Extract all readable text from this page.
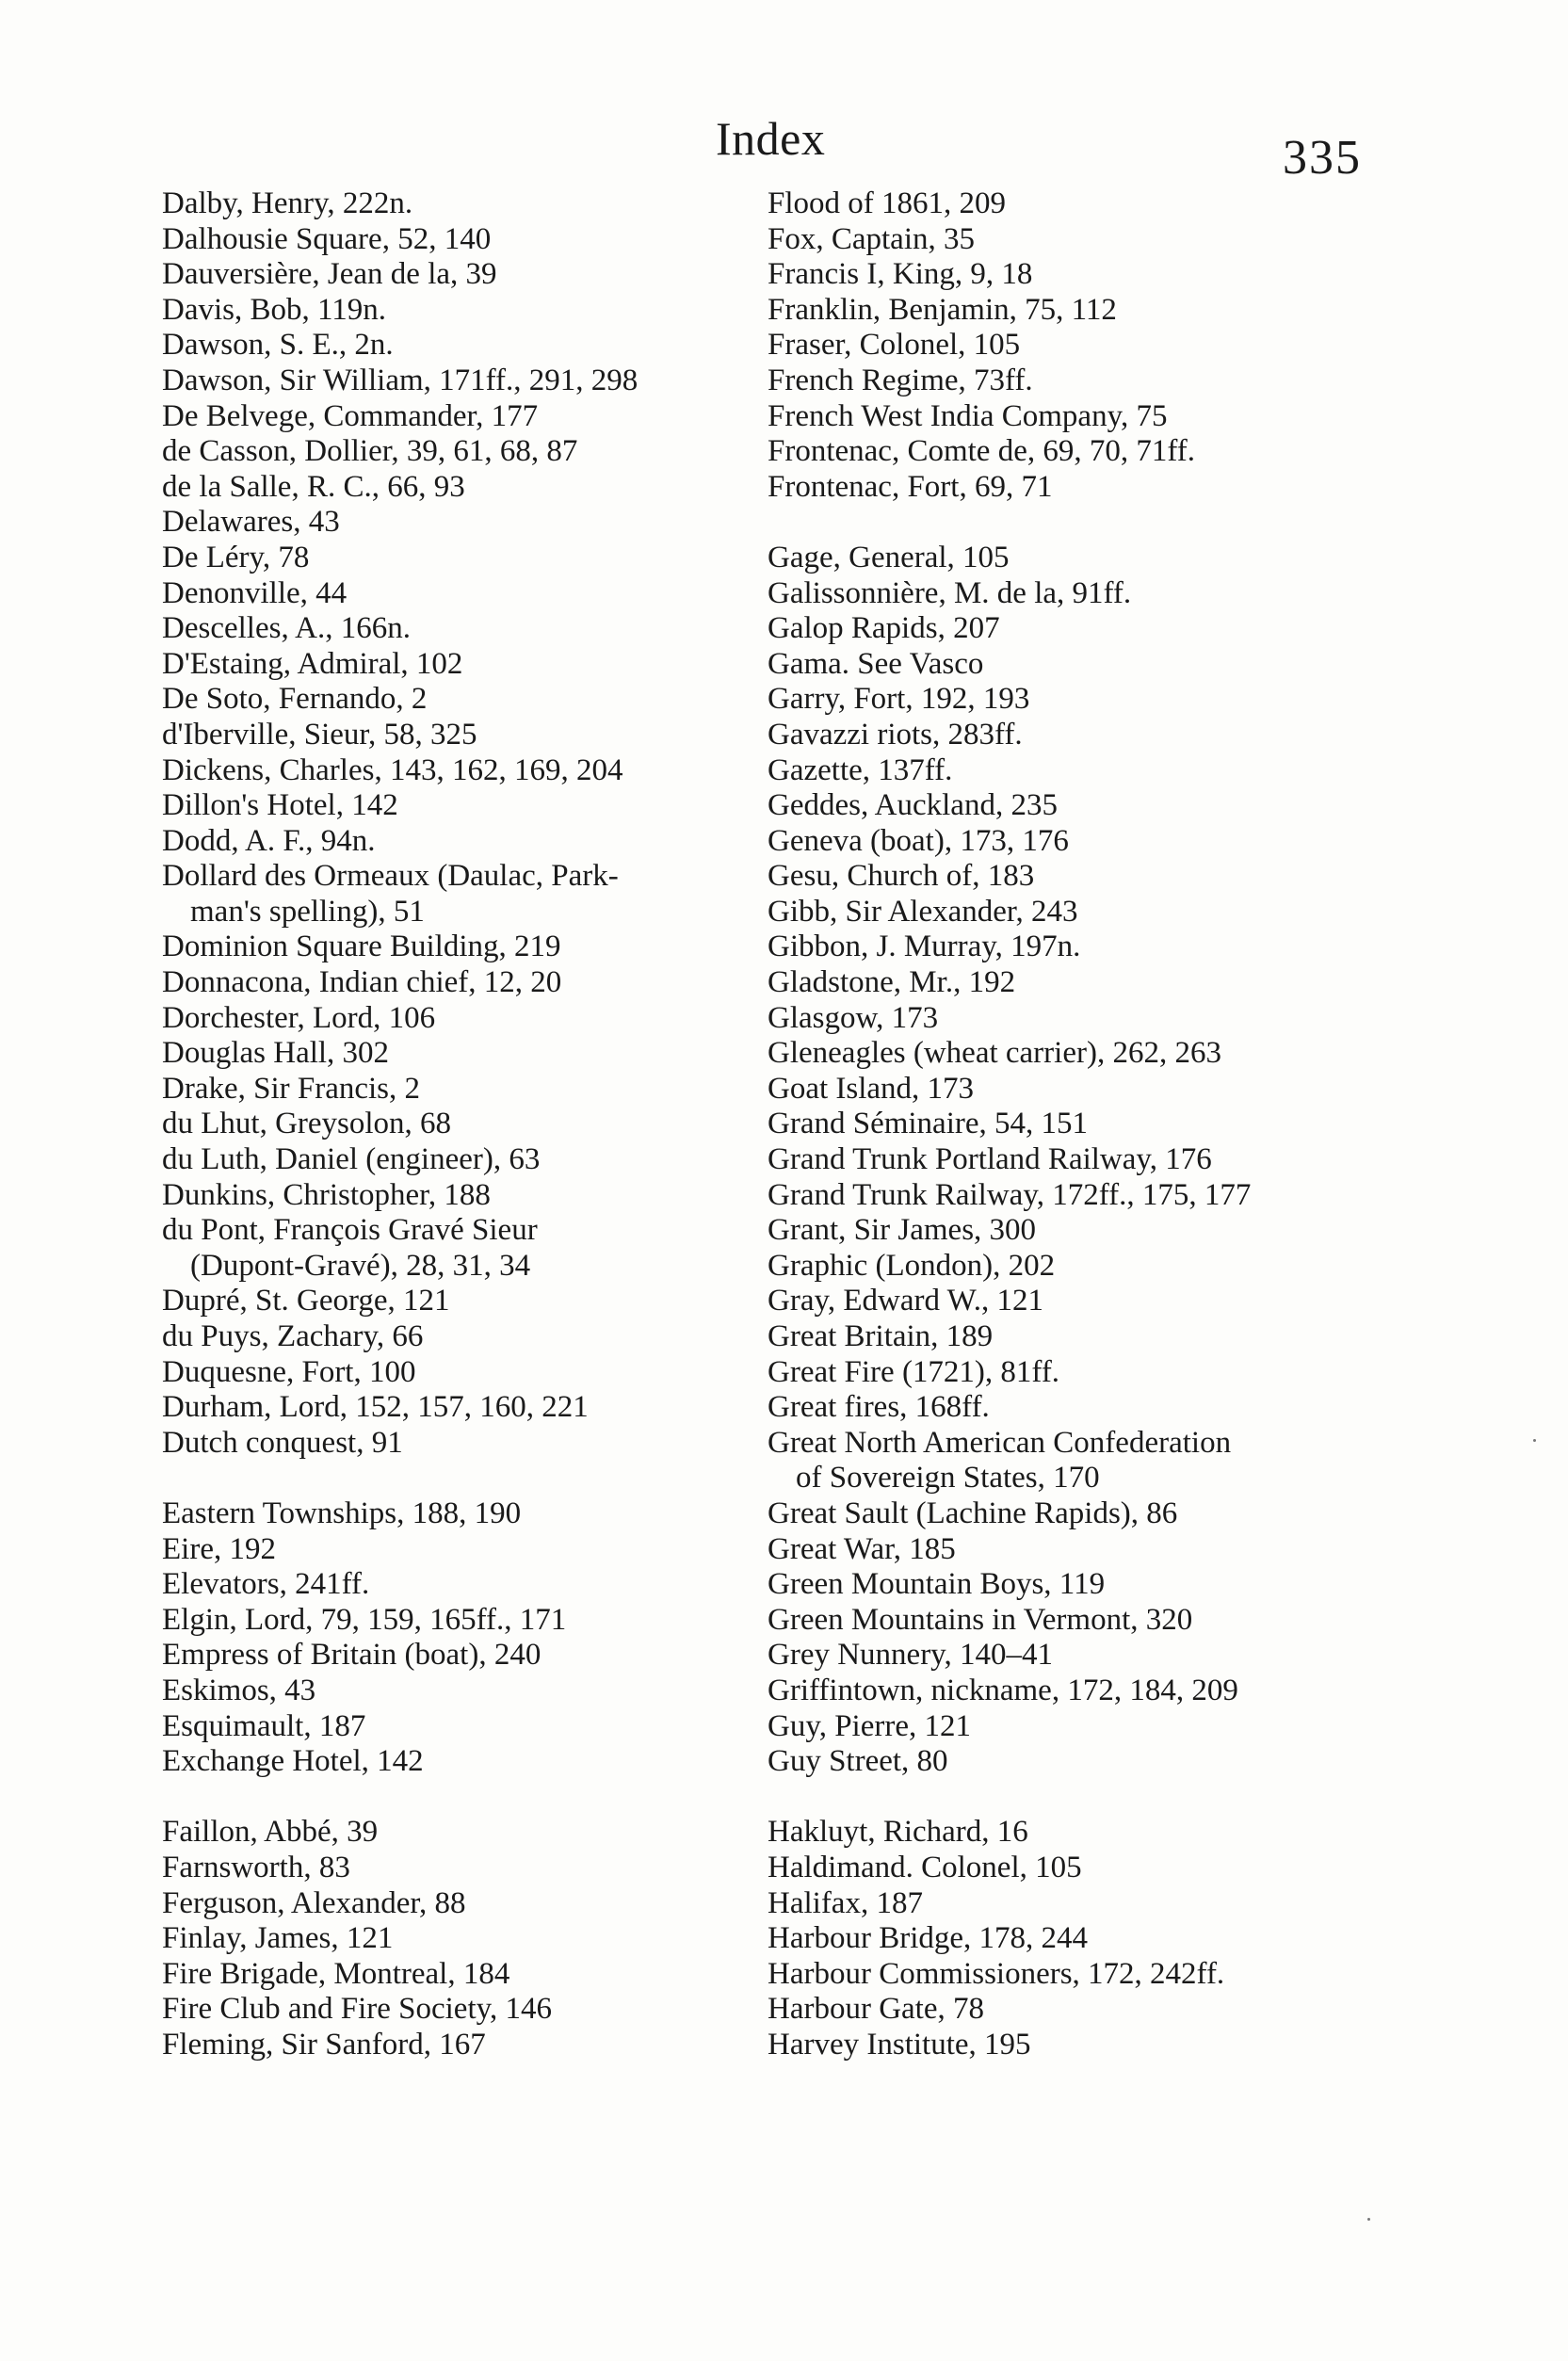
Index	335
Dalby, Henry, 222n.
Dalhousie Square, 52, 140
Dauversière, Jean de la, 39
Davis, Bob, 119n.
Dawson, S. E., 2n.
Dawson, Sir William, 171ff., 291, 298
De Belvege, Commander, 177
de Casson, Dollier, 39, 61, 68, 87
de la Salle, R. C., 66, 93
Delawares, 43
De Léry, 78
Denonville, 44
Descelles, A., 166n.
D'Estaing, Admiral, 102
De Soto, Fernando, 2
d'Iberville, Sieur, 58, 325
Dickens, Charles, 143, 162, 169, 204
Dillon's Hotel, 142
Dodd, A. F., 94n.
Dollard des Ormeaux (Daulac, Park-
man's spelling), 51
Dominion Square Building, 219
Donnacona, Indian chief, 12, 20
Dorchester, Lord, 106
Douglas Hall, 302
Drake, Sir Francis, 2
du Lhut, Greysolon, 68
du Luth, Daniel (engineer), 63
Dunkins, Christopher, 188
du Pont, François Gravé Sieur
(Dupont-Gravé), 28, 31, 34
Dupré, St. George, 121
du Puys, Zachary, 66
Duquesne, Fort, 100
Durham, Lord, 152, 157, 160, 221
Dutch conquest, 91
Eastern Townships, 188, 190
Eire, 192
Elevators, 241ff.
Elgin, Lord, 79, 159, 165ff., 171
Empress of Britain (boat), 240
Eskimos, 43
Esquimault, 187
Exchange Hotel, 142
Faillon, Abbé, 39
Farnsworth, 83
Ferguson, Alexander, 88
Finlay, James, 121
Fire Brigade, Montreal, 184
Fire Club and Fire Society, 146
Fleming, Sir Sanford, 167
Flood of 1861, 209
Fox, Captain, 35
Francis I, King, 9, 18
Franklin, Benjamin, 75, 112
Fraser, Colonel, 105
French Regime, 73ff.
French West India Company, 75
Frontenac, Comte de, 69, 70, 71ff.
Frontenac, Fort, 69, 71
Gage, General, 105
Galissonnière, M. de la, 91ff.
Galop Rapids, 207
Gama. See Vasco
Garry, Fort, 192, 193
Gavazzi riots, 283ff.
Gazette, 137ff.
Geddes, Auckland, 235
Geneva (boat), 173, 176
Gesu, Church of, 183
Gibb, Sir Alexander, 243
Gibbon, J. Murray, 197n.
Gladstone, Mr., 192
Glasgow, 173
Gleneagles (wheat carrier), 262, 263
Goat Island, 173
Grand Séminaire, 54, 151
Grand Trunk Portland Railway, 176
Grand Trunk Railway, 172ff., 175, 177
Grant, Sir James, 300
Graphic (London), 202
Gray, Edward W., 121
Great Britain, 189
Great Fire (1721), 81ff.
Great fires, 168ff.
Great North American Confederation
of Sovereign States, 170
Great Sault (Lachine Rapids), 86
Great War, 185
Green Mountain Boys, 119
Green Mountains in Vermont, 320
Grey Nunnery, 140–41
Griffintown, nickname, 172, 184, 209
Guy, Pierre, 121
Guy Street, 80
Hakluyt, Richard, 16
Haldimand. Colonel, 105
Halifax, 187
Harbour Bridge, 178, 244
Harbour Commissioners, 172, 242ff.
Harbour Gate, 78
Harvey Institute, 195
